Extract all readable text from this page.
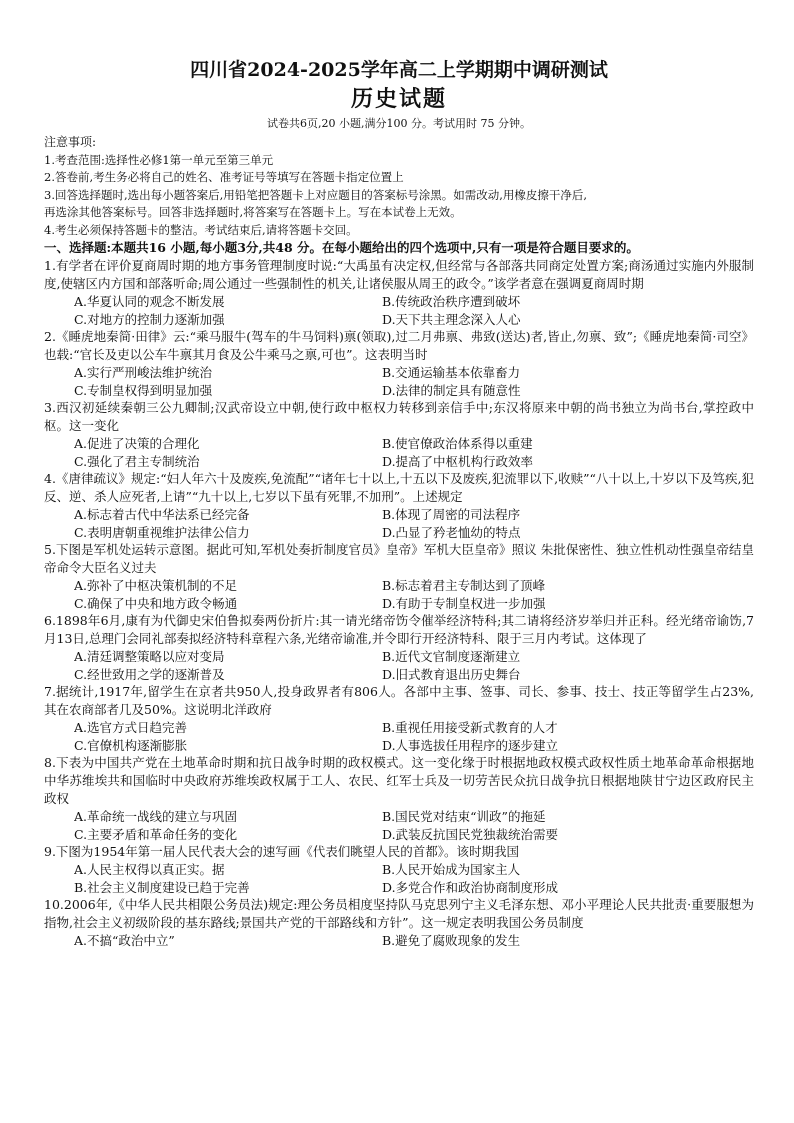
四川省2024-2025学年高二上学期期中调研测试

历史试题

试卷共6页,20 小题,满分100 分。考试用时 75 分钟。

注意事项:

1.考查范围:选择性必修1第一单元至第三单元

2.答卷前,考生务必将自己的姓名、准考证号等填写在答题卡指定位置上

3.回答选择题时,选出每小题答案后,用铅笔把答题卡上对应题目的答案标号涂黑。如需改动,用橡皮擦干净后,

再选涂其他答案标号。回答非选择题时,将答案写在答题卡上。写在本试卷上无效。

4.考生必须保持答题卡的整洁。考试结束后,请将答题卡交回。

一、选择题:本题共16 小题,每小题3分,共48 分。在每小题给出的四个选项中,只有一项是符合题目要求的。

1.有学者在评价夏商周时期的地方事务管理制度时说:“大禹虽有决定权,但经常与各部落共同商定处置方案;商汤通过实施内外服制度,使辖区内方国和部落听命;周公通过一些强制性的机关,让诸侯服从周王的政令。”该学者意在强调夏商周时期

A.华夏认同的观念不断发展	B.传统政治秩序遭到破坏
C.对地方的控制力逐渐加强	D.天下共主理念深入人心

2.《睡虎地秦简·田律》云:“乘马服牛(驾车的牛马饲料)禀(领取),过二月弗禀、弗致(送达)者,皆止,勿禀、致”;《睡虎地秦简·司空》也载:“官长及吏以公车牛禀其月食及公牛乘马之禀,可也”。这表明当时

A.实行严刑峻法维护统治	B.交通运输基本依靠畜力
C.专制皇权得到明显加强	D.法律的制定具有随意性

3.西汉初延续秦朝三公九卿制;汉武帝设立中朝,使行政中枢权力转移到亲信手中;东汉将原来中朝的尚书独立为尚书台,掌控政中枢。这一变化

A.促进了决策的合理化	B.使官僚政治体系得以重建
C.强化了君主专制统治	D.提高了中枢机构行政效率

4.《唐律疏议》规定:“妇人年六十及废疾,免流配”“诸年七十以上,十五以下及废疾,犯流罪以下,收赎”“八十以上,十岁以下及笃疾,犯反、逆、杀人应死者,上请”“九十以上,七岁以下虽有死罪,不加刑”。上述规定

A.标志着古代中华法系已经完备	B.体现了周密的司法程序
C.表明唐朝重视维护法律公信力	D.凸显了矜老恤幼的特点

5.下图是军机处运转示意图。据此可知,军机处奏折制度官员》皇帝》军机大臣皇帝》照议 朱批保密性、独立性机动性强皇帝结皇帝命令大臣名义过夫

A.弥补了中枢决策机制的不足	B.标志着君主专制达到了顶峰
C.确保了中央和地方政令畅通	D.有助于专制皇权进一步加强

6.1898年6月,康有为代御史宋伯鲁拟奏两份折片:其一请光绪帝饬令催举经济特科;其二请将经济岁举归并正科。经光绪帝谕饬,7月13日,总理门会同礼部奏拟经济特科章程六条,光绪帝谕准,并令即行开经济特科、限于三月内考试。这体现了

A.清廷调整策略以应对变局	B.近代文官制度逐渐建立
C.经世致用之学的逐渐普及	D.旧式教育退出历史舞台

7.据统计,1917年,留学生在京者共950人,投身政界者有806人。各部中主事、签事、司长、参事、技士、技正等留学生占23%,其在农商部者几及50%。这说明北洋政府

A.选官方式日趋完善	B.重视任用接受新式教育的人才
C.官僚机构逐渐膨胀	D.人事选拔任用程序的逐步建立

8.下表为中国共产党在土地革命时期和抗日战争时期的政权模式。这一变化缘于时根据地政权模式政权性质土地革命革命根据地中华苏维埃共和国临时中央政府苏维埃政权属于工人、农民、红军士兵及一切劳苦民众抗日战争抗日根据地陕甘宁边区政府民主政权

A.革命统一战线的建立与巩固	B.国民党对结束“训政”的拖延
C.主要矛盾和革命任务的变化	D.武装反抗国民党独裁统治需要

9.下图为1954年第一届人民代表大会的速写画《代表们眺望人民的首都》。该时期我国

A.人民主权得以真正实。据	B.人民开始成为国家主人
B.社会主义制度建设已趋于完善	D.多党合作和政治协商制度形成

10.2006年,《中华人民共相限公务员法)规定:理公务员相度坚持队马克思列宁主义毛泽东想、邓小平理论人民共批责·重要服想为指物,社会主义初级阶段的基东路线;景国共产党的干部路线和方针”。这一规定表明我国公务员制度

A.不搞“政治中立”	B.避免了腐败现象的发生
